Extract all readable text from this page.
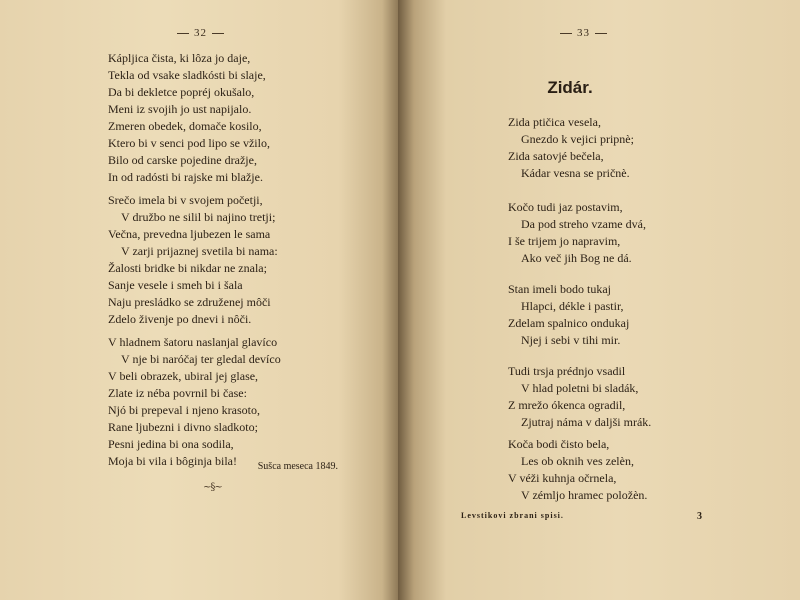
32
Kápljica čista, ki lôza jo daje,
Tekla od vsake sladkósti bi slaje,
Da bi dekletce popréj okušalo,
Meni iz svojih jo ust napijalo.
Zmeren obedek, domače kosilo,
Ktero bi v senci pod lipo se vžilo,
Bilo od carske pojedine dražje,
In od radósti bi rajske mi blažje.
Srečo imela bi v svojem početji,
V družbo ne silil bi najino tretji;
Večna, prevedna ljubezen le sama
V zarji prijaznej svetila bi nama:
Žalosti bridke bi nikdar ne znala;
Sanje vesele i smeh bi i šala
Naju presládko se združenej môči
Zdelo živenje po dnevi i nôči.
V hladnem šatoru naslanjal glavíco
V nje bi naróčaj ter gledal devíco
V beli obrazek, ubiral jej glase,
Zlate iz néba povrnil bi čase:
Njó bi prepeval i njeno krasoto,
Rane ljubezni i divno sladkoto;
Pesni jedina bi ona sodila,
Moja bi vila i bôginja bila!	Sušca meseca 1849.
~§~
33
Zida ptičica vesela,
Gnezdo k vejici pripnè;
Zida satovjé bečela,
Kádar vesna se pričnè.
Kočo tudi jaz postavim,
Da pod streho vzame dvá,
I še trijem jo napravim,
Ako več jih Bog ne dá.
Stan imeli bodo tukaj
Hlapci, dékle i pastir,
Zdelam spalnico ondukaj
Njej i sebi v tihi mir.
Tudi trsja prédnjo vsadil
V hlad poletni bi sladák,
Z mrežo ókenca ogradil,
Zjutraj náma v daljši mrák.
Koča bodi čisto bela,
Les ob oknih ves zelèn,
V véži kuhnja očrnela,
V zémljo hramec položèn.
Zidár.
Levstikovi zbrani spisi.	3
